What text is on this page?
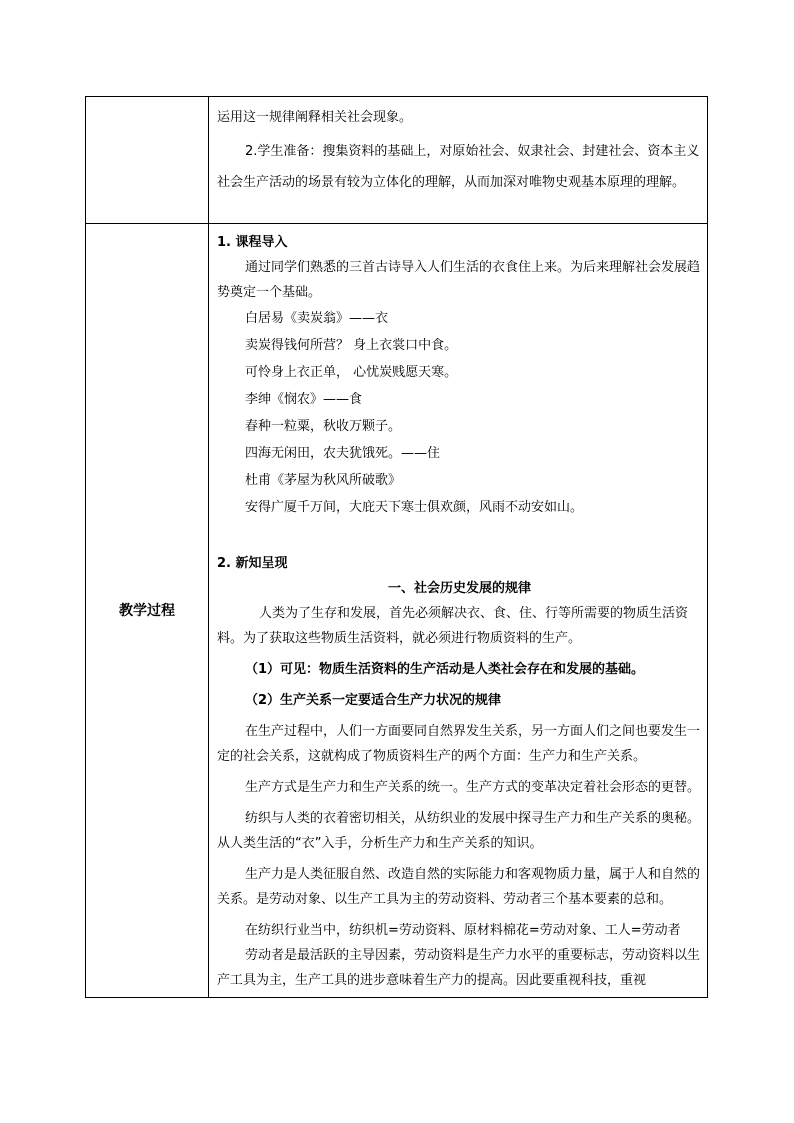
教学过程

运用这一规律阐释相关社会现象。

2.学生准备：搜集资料的基础上，对原始社会、奴隶社会、封建社会、资本主义社会生产活动的场景有较为立体化的理解，从而加深对唯物史观基本原理的理解。

1. 课程导入

通过同学们熟悉的三首古诗导入人们生活的衣食住上来。为后来理解社会发展趋势奠定一个基础。

白居易《卖炭翁》——衣

卖炭得钱何所营？ 身上衣裳口中食。

可怜身上衣正单， 心忧炭贱愿天寒。

李绅《悯农》——食

春种一粒粟，秋收万颗子。

四海无闲田，农夫犹饿死。——住

杜甫《茅屋为秋风所破歌》

安得广厦千万间，大庇天下寒士俱欢颜，风雨不动安如山。

2. 新知呈现

一、社会历史发展的规律

人类为了生存和发展，首先必须解决衣、食、住、行等所需要的物质生活资料。为了获取这些物质生活资料，就必须进行物质资料的生产。

（1）可见：物质生活资料的生产活动是人类社会存在和发展的基础。

（2）生产关系一定要适合生产力状况的规律

在生产过程中，人们一方面要同自然界发生关系，另一方面人们之间也要发生一定的社会关系，这就构成了物质资料生产的两个方面：生产力和生产关系。

生产方式是生产力和生产关系的统一。生产方式的变革决定着社会形态的更替。

纺织与人类的衣着密切相关，从纺织业的发展中探寻生产力和生产关系的奥秘。从人类生活的“衣”入手，分析生产力和生产关系的知识。

生产力是人类征服自然、改造自然的实际能力和客观物质力量，属于人和自然的关系。是劳动对象、以生产工具为主的劳动资料、劳动者三个基本要素的总和。

在纺织行业当中，纺织机=劳动资料、原材料棉花=劳动对象、工人=劳动者

劳动者是最活跃的主导因素，劳动资料是生产力水平的重要标志，劳动资料以生产工具为主，生产工具的进步意味着生产力的提高。因此要重视科技，重视
